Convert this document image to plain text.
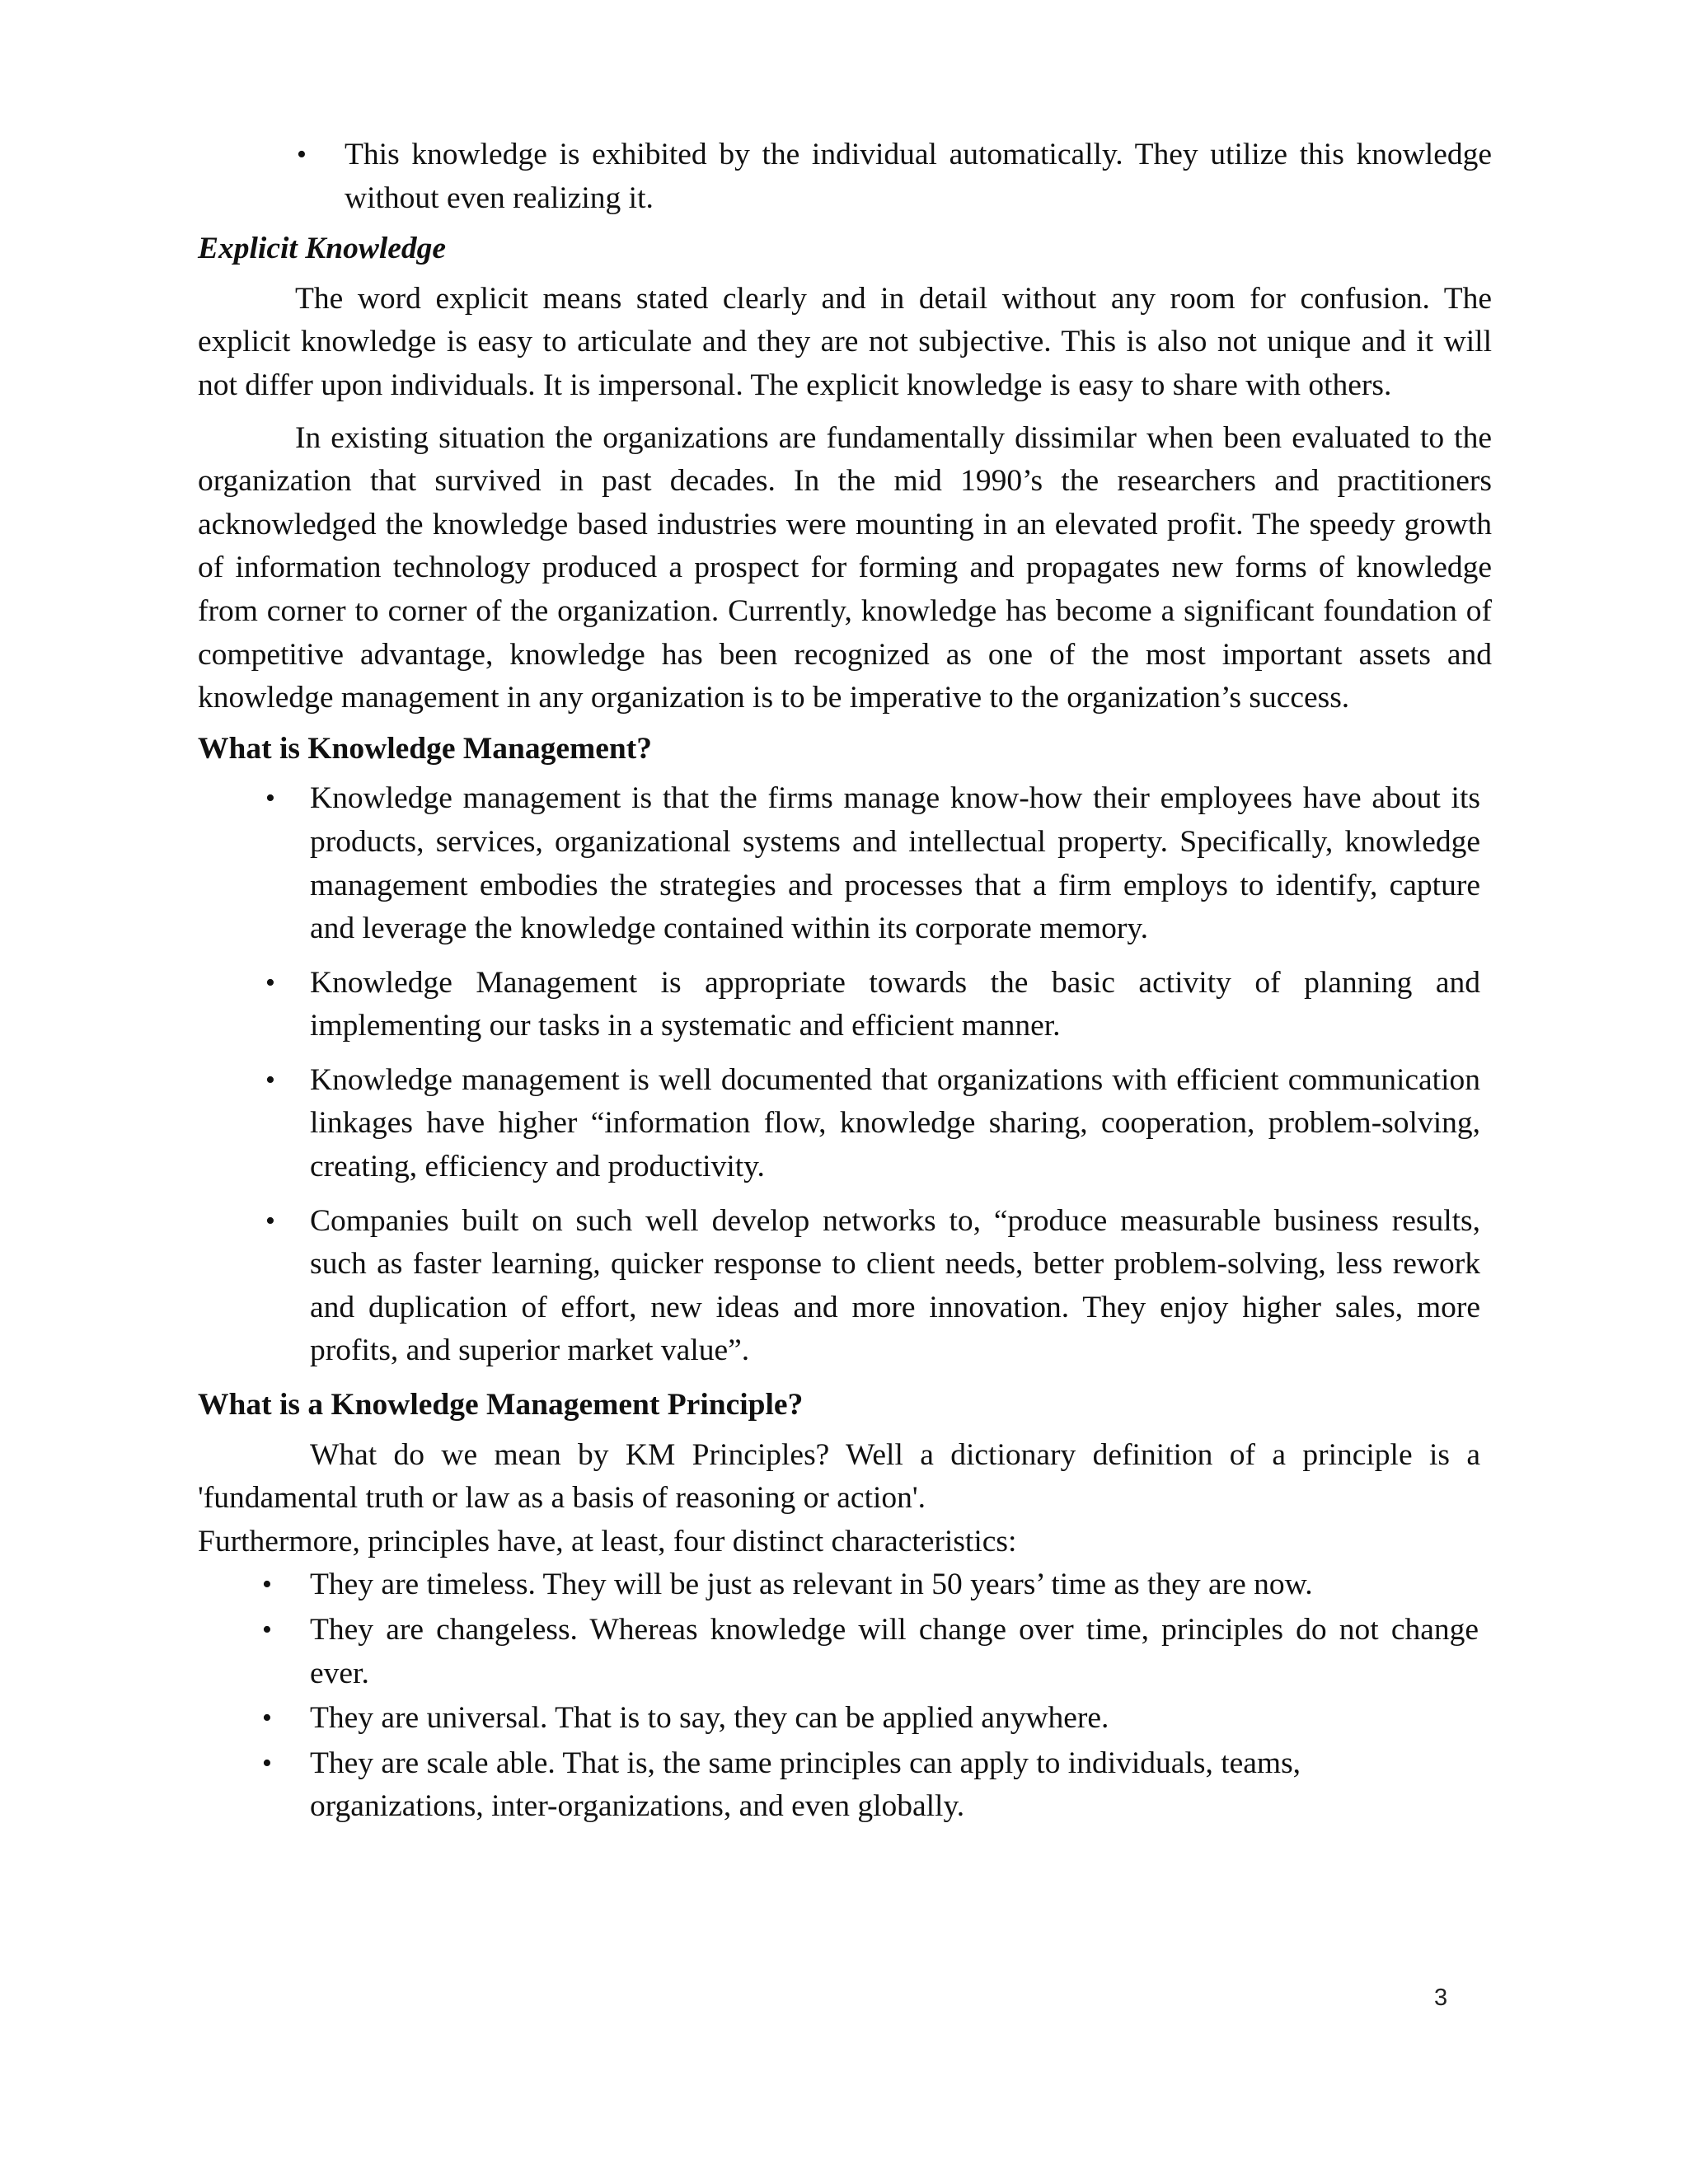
• This knowledge is exhibited by the individual automatically. They utilize this knowledge without even realizing it.
Explicit Knowledge

The word explicit means stated clearly and in detail without any room for confusion. The explicit knowledge is easy to articulate and they are not subjective. This is also not unique and it will not differ upon individuals. It is impersonal. The explicit knowledge is easy to share with others.

In existing situation the organizations are fundamentally dissimilar when been evaluated to the organization that survived in past decades. In the mid 1990’s the researchers and practitioners acknowledged the knowledge based industries were mounting in an elevated profit. The speedy growth of information technology produced a prospect for forming and propagates new forms of knowledge from corner to corner of the organization. Currently, knowledge has become a significant foundation of competitive advantage, knowledge has been recognized as one of the most important assets and knowledge management in any organization is to be imperative to the organization’s success.

What is Knowledge Management?
• Knowledge management is that the firms manage know-how their employees have about its products, services, organizational systems and intellectual property. Specifically, knowledge management embodies the strategies and processes that a firm employs to identify, capture and leverage the knowledge contained within its corporate memory.
• Knowledge Management is appropriate towards the basic activity of planning and implementing our tasks in a systematic and efficient manner.
• Knowledge management is well documented that organizations with efficient communication linkages have higher “information flow, knowledge sharing, cooperation, problem-solving, creating, efficiency and productivity.
• Companies built on such well develop networks to, “produce measurable business results, such as faster learning, quicker response to client needs, better problem-solving, less rework and duplication of effort, new ideas and more innovation. They enjoy higher sales, more profits, and superior market value”.
What is a Knowledge Management Principle?

What do we mean by KM Principles? Well a dictionary definition of a principle is a 'fundamental truth or law as a basis of reasoning or action'.

Furthermore, principles have, at least, four distinct characteristics:

• They are timeless. They will be just as relevant in 50 years’ time as they are now.
• They are changeless. Whereas knowledge will change over time, principles do not change ever.
• They are universal. That is to say, they can be applied anywhere.
• They are scale able. That is, the same principles can apply to individuals, teams, organizations, inter-organizations, and even globally.
3
